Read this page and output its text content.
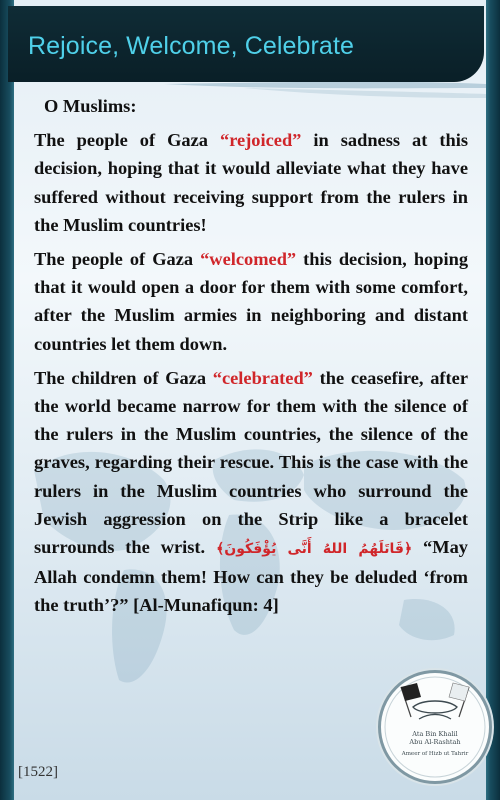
Rejoice, Welcome, Celebrate

O Muslims:

The people of Gaza “rejoiced” in sadness at this decision, hoping that it would alleviate what they have suffered without receiving support from the rulers in the Muslim countries!

The people of Gaza “welcomed” this decision, hoping that it would open a door for them with some comfort, after the Muslim armies in neighboring and distant countries let them down.

The children of Gaza “celebrated” the ceasefire, after the world became narrow for them with the silence of the rulers in the Muslim countries, the silence of the graves, regarding their rescue. This is the case with the rulers in the Muslim countries who surround the Jewish aggression on the Strip like a bracelet surrounds the wrist. ﴿قَاتَلَهُمُ اللهُ أَنَّى يُؤْفَكُونَ﴾ “May Allah condemn them! How can they be deluded ‘from the truth’?” [Al-Munafiqun: 4]

[1522]
Ata Bin Khalil
Abu Al-Rashtah
Ameer of Hizb ut Tahrir
